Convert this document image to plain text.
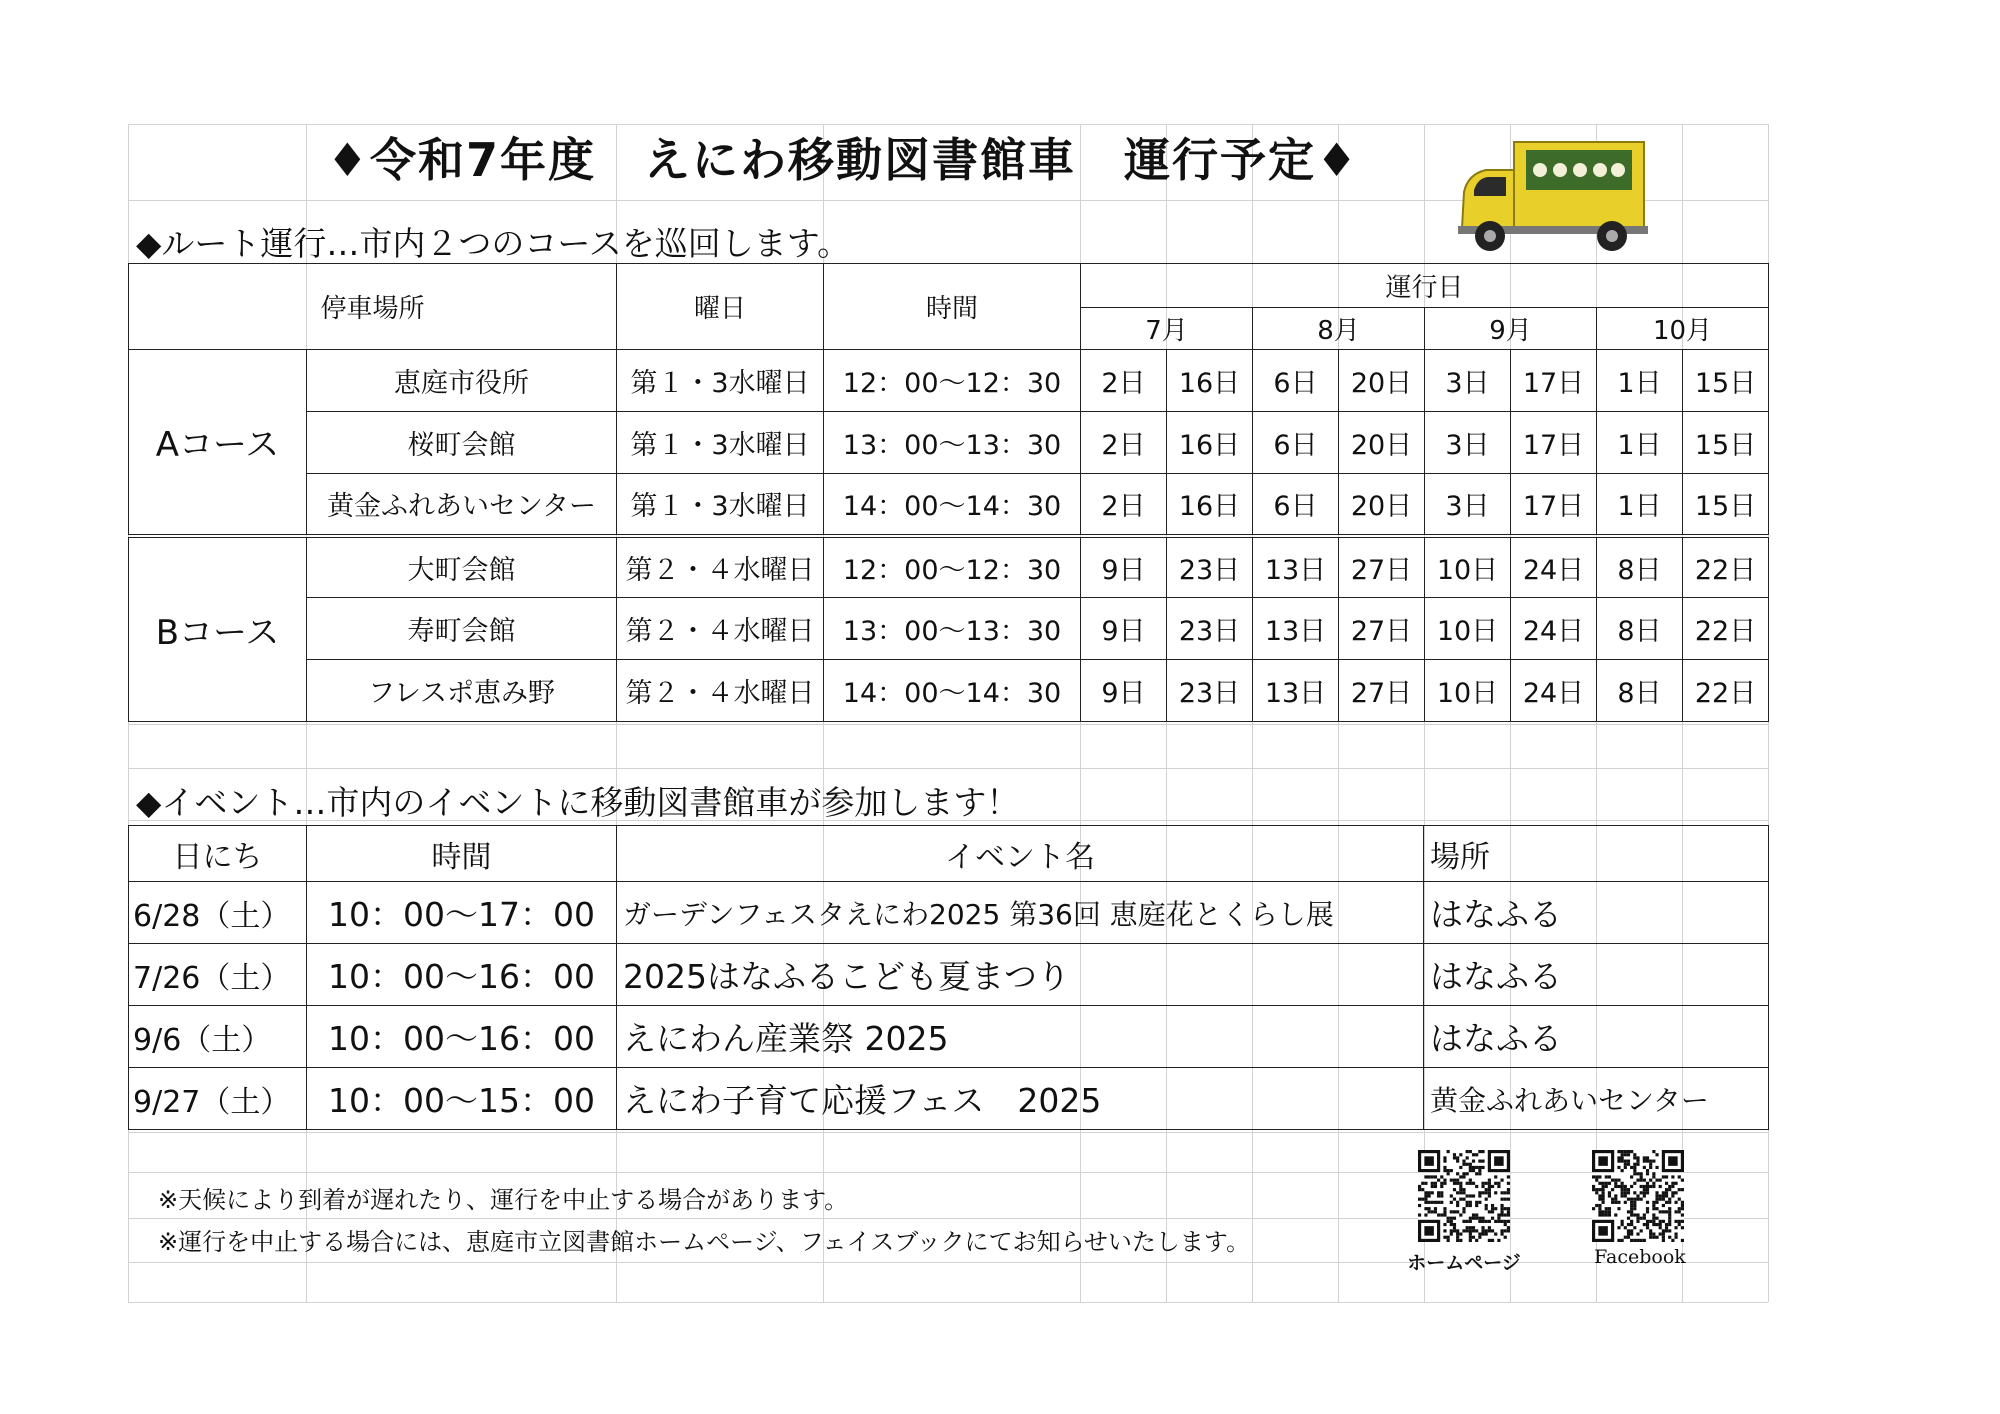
♦令和7年度　えにわ移動図書館車　運行予定♦
◆ルート運行…市内２つのコースを巡回します。
停車場所		曜日	時間	運行日							
				7月		8月		9月		10月	
Aコース	恵庭市役所	第１・3水曜日	12：00～12：30	2日	16日	6日	20日	3日	17日	1日	15日
	桜町会館	第１・3水曜日	13：00～13：30	2日	16日	6日	20日	3日	17日	1日	15日
	黄金ふれあいセンター	第１・3水曜日	14：00～14：30	2日	16日	6日	20日	3日	17日	1日	15日
Bコース	大町会館	第２・４水曜日	12：00～12：30	9日	23日	13日	27日	10日	24日	8日	22日
	寿町会館	第２・４水曜日	13：00～13：30	9日	23日	13日	27日	10日	24日	8日	22日
	フレスポ恵み野	第２・４水曜日	14：00～14：30	9日	23日	13日	27日	10日	24日	8日	22日
◆イベント…市内のイベントに移動図書館車が参加します！
日にち	時間	イベント名	場所
6/28（土）	10：00～17：00	ガーデンフェスタえにわ2025 第36回 恵庭花とくらし展	はなふる
7/26（土）	10：00～16：00	2025はなふるこども夏まつり	はなふる
9/6（土）	10：00～16：00	えにわん産業祭 2025	はなふる
9/27（土）	10：00～15：00	えにわ子育て応援フェス　2025	黄金ふれあいセンター
※天候により到着が遅れたり、運行を中止する場合があります。
※運行を中止する場合には、恵庭市立図書館ホームページ、フェイスブックにてお知らせいたします。
ホームページ	Facebook
